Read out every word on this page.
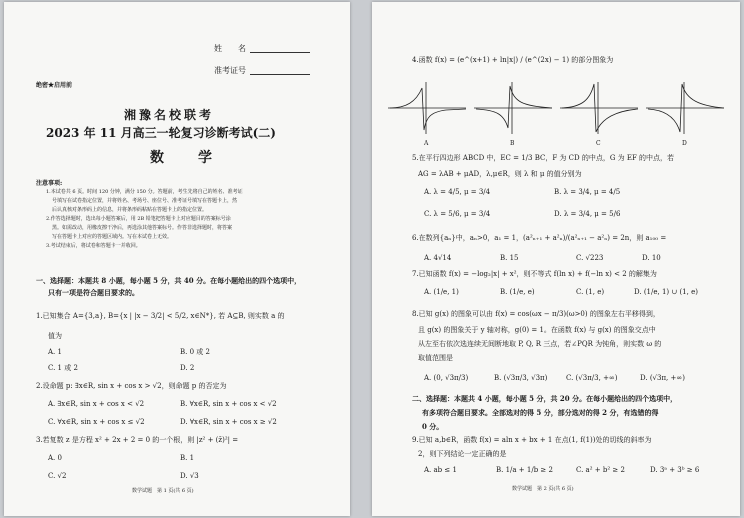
姓　　名
准考证号
绝密★启用前
湘豫名校联考
2023 年 11 月高三一轮复习诊断考试(二)
数　学
注意事项:
1.本试卷共 6 页。时间 120 分钟，满分 150 分。答题前，考生先将自己的姓名、准考证
号填写在试卷指定位置，并将姓名、考场号、座位号、准考证号填写在答题卡上，然
后认真核对条形码上的信息，并将条形码粘贴在答题卡上的指定位置。
2.作答选择题时，选出每小题答案后，用 2B 铅笔把答题卡上对应题目的答案标号涂
黑。如需改动，用橡皮擦干净后，再选涂其他答案标号。作答非选择题时，将答案
写在答题卡上对应的答题区域内。写在本试卷上无效。
3.考试结束后，将试卷和答题卡一并收回。
一、选择题：本题共 8 小题，每小题 5 分，共 40 分。在每小题给出的四个选项中，
只有一项是符合题目要求的。
1.已知集合 A={3,a}, B={x | |x − 3/2| < 5/2, x∈N*}, 若 A⊆B, 则实数 a 的
值为
A. 1	B. 0 或 2
C. 1 或 2	D. 2
2.设命题 p: ∃x∈R, sin x + cos x > √2，则命题 p 的否定为
A. ∃x∈R, sin x + cos x < √2	B. ∀x∈R, sin x + cos x < √2
C. ∀x∈R, sin x + cos x ≤ √2	D. ∀x∈R, sin x + cos x ≥ √2
3.若复数 z 是方程 x² + 2x + 2 = 0 的一个根，则 |z² + (z̄)²| =
A. 0	B. 1
C. √2	D. √3
数学试题　第 1 页(共 6 页)
4.函数 f(x) = (e^(x+1) + ln|x|) / (e^(2x) − 1) 的部分图象为
A	B	C	D
5.在平行四边形 ABCD 中，EC = 1/3 BC，F 为 CD 的中点，G 为 EF 的中点，若
AG = λAB + μAD，λ,μ∈R，则 λ 和 μ 的值分别为
A. λ = 4/5, μ = 3/4	B. λ = 3/4, μ = 4/5
C. λ = 5/6, μ = 3/4	D. λ = 3/4, μ = 5/6
6.在数列{aₙ}中，aₙ>0，a₁ = 1，(a²ₙ₊₁ + a²ₙ)/(a²ₙ₊₁ − a²ₙ) = 2n，则 a₁₀₀ =
A. 4√14	B. 15	C. √223	D. 10
7.已知函数 f(x) = −log₂|x| + x²，则不等式 f(ln x) + f(−ln x) < 2 的解集为
A. (1/e, 1)	B. (1/e, e)	C. (1, e)	D. (1/e, 1) ∪ (1, e)
8.已知 g(x) 的图象可以由 f(x) = cos(ωx − π/3)(ω>0) 的图象左右平移得到，
且 g(x) 的图象关于 y 轴对称，g(0) = 1。在函数 f(x) 与 g(x) 的图象交点中
从左至右依次选连续无间断地取 P, Q, R 三点，若∠PQR 为钝角，则实数 ω 的
取值范围是
A. (0, √3π/3)	B. (√3π/3, √3π)	C. (√3π/3, +∞)	D. (√3π, +∞)
二、选择题：本题共 4 小题，每小题 5 分，共 20 分。在每小题给出的四个选项中，
有多项符合题目要求。全部选对的得 5 分，部分选对的得 2 分，有选错的得
0 分。
9.已知 a,b∈R，函数 f(x) = aln x + bx + 1 在点(1, f(1))处的切线的斜率为
2，则下列结论一定正确的是
A. ab ≤ 1	B. 1/a + 1/b ≥ 2	C. a² + b² ≥ 2	D. 3ᵃ + 3ᵇ ≥ 6
数学试题　第 2 页(共 6 页)
